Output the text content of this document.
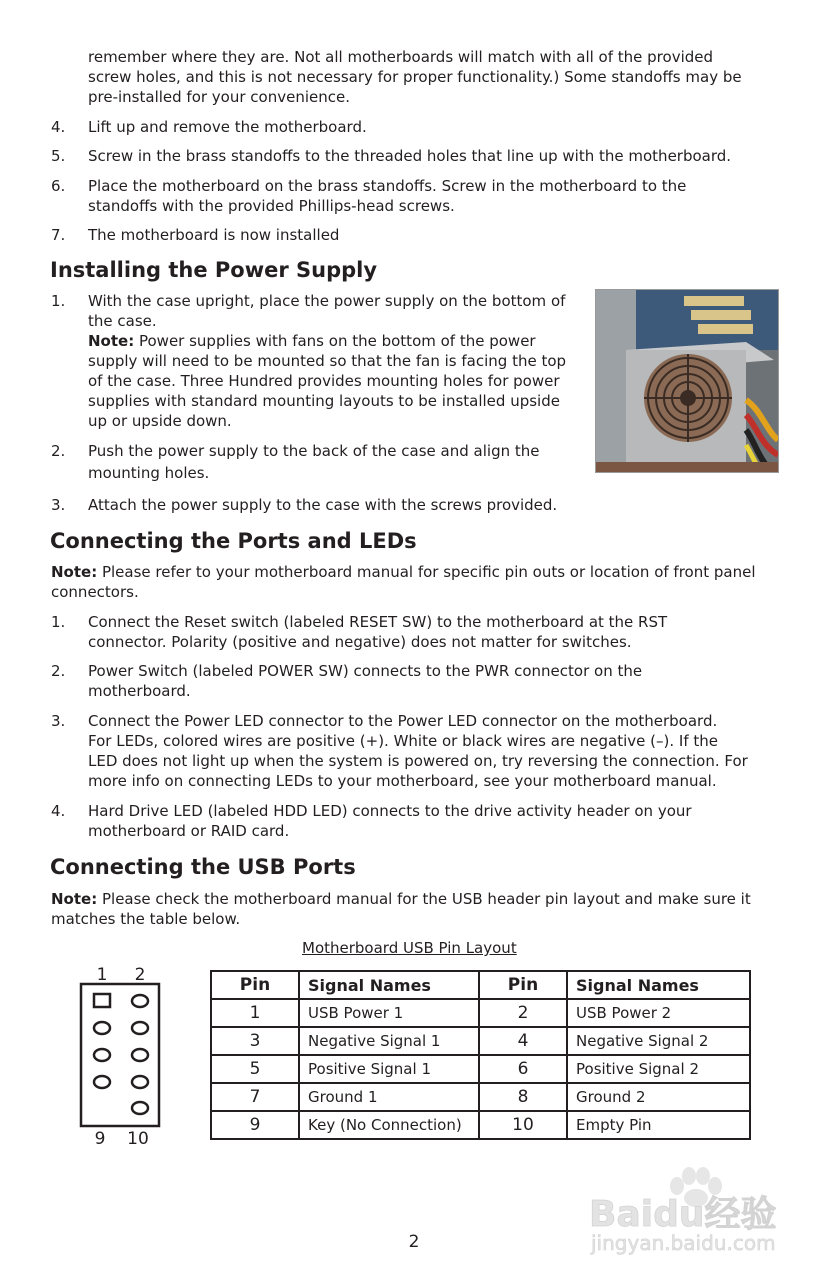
remember where they are. Not all motherboards will match with all of the provided
screw holes, and this is not necessary for proper functionality.) Some standoffs may be
pre-installed for your convenience.
4. Lift up and remove the motherboard.
5. Screw in the brass standoffs to the threaded holes that line up with the motherboard.
6. Place the motherboard on the brass standoffs. Screw in the motherboard to the
standoffs with the provided Phillips-head screws.
7. The motherboard is now installed
Installing the Power Supply
1. With the case upright, place the power supply on the bottom of
the case.
Note: Power supplies with fans on the bottom of the power
supply will need to be mounted so that the fan is facing the top
of the case. Three Hundred provides mounting holes for power
supplies with standard mounting layouts to be installed upside
up or upside down.
2. Push the power supply to the back of the case and align the
mounting holes.
3. Attach the power supply to the case with the screws provided.
Connecting the Ports and LEDs
Note: Please refer to your motherboard manual for specific pin outs or location of front panel
connectors.
1. Connect the Reset switch (labeled RESET SW) to the motherboard at the RST
connector. Polarity (positive and negative) does not matter for switches.
2. Power Switch (labeled POWER SW) connects to the PWR connector on the
motherboard.
3. Connect the Power LED connector to the Power LED connector on the motherboard.
For LEDs, colored wires are positive (+). White or black wires are negative (–). If the
LED does not light up when the system is powered on, try reversing the connection. For
more info on connecting LEDs to your motherboard, see your motherboard manual.
4. Hard Drive LED (labeled HDD LED) connects to the drive activity header on your
motherboard or RAID card.
Connecting the USB Ports
Note: Please check the motherboard manual for the USB header pin layout and make sure it
matches the table below.
Motherboard USB Pin Layout
1 2
9 10
Pin	Signal Names	Pin	Signal Names
1	USB Power 1	2	USB Power 2
3	Negative Signal 1	4	Negative Signal 2
5	Positive Signal 1	6	Positive Signal 2
7	Ground 1	8	Ground 2
9	Key (No Connection)	10	Empty Pin
Baidu经验
jingyan.baidu.com
2
